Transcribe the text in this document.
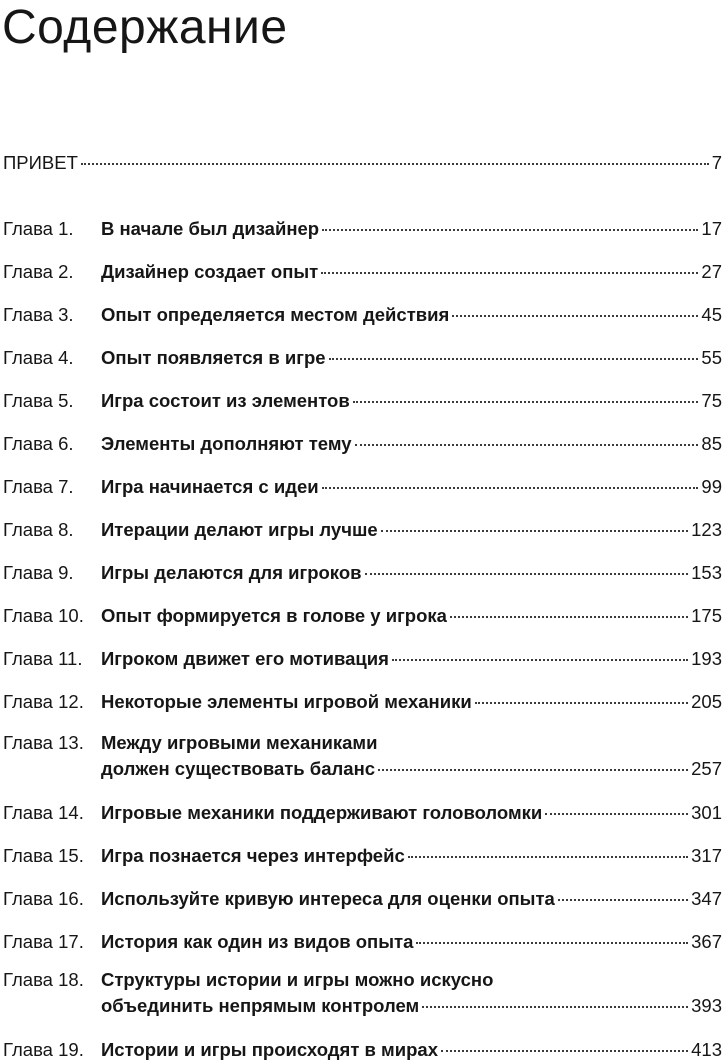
Содержание
ПРИВЕТ	7
Глава 1.	В начале был дизайнер	17
Глава 2.	Дизайнер создает опыт	27
Глава 3.	Опыт определяется местом действия	45
Глава 4.	Опыт появляется в игре	55
Глава 5.	Игра состоит из элементов	75
Глава 6.	Элементы дополняют тему	85
Глава 7.	Игра начинается с идеи	99
Глава 8.	Итерации делают игры лучше	123
Глава 9.	Игры делаются для игроков	153
Глава 10. Опыт формируется в голове у игрока	175
Глава 11.	Игроком движет его мотивация	193
Глава 12. Некоторые элементы игровой механики	205
Глава 13. Между игровыми механиками
должен существовать баланс	257
Глава 14. Игровые механики поддерживают головоломки	301
Глава 15. Игра познается через интерфейс	317
Глава 16. Используйте кривую интереса для оценки опыта	347
Глава 17. История как один из видов опыта	367
Глава 18. Структуры истории и игры можно искусно
объединить непрямым контролем	393
Глава 19. Истории и игры происходят в мирах	413
